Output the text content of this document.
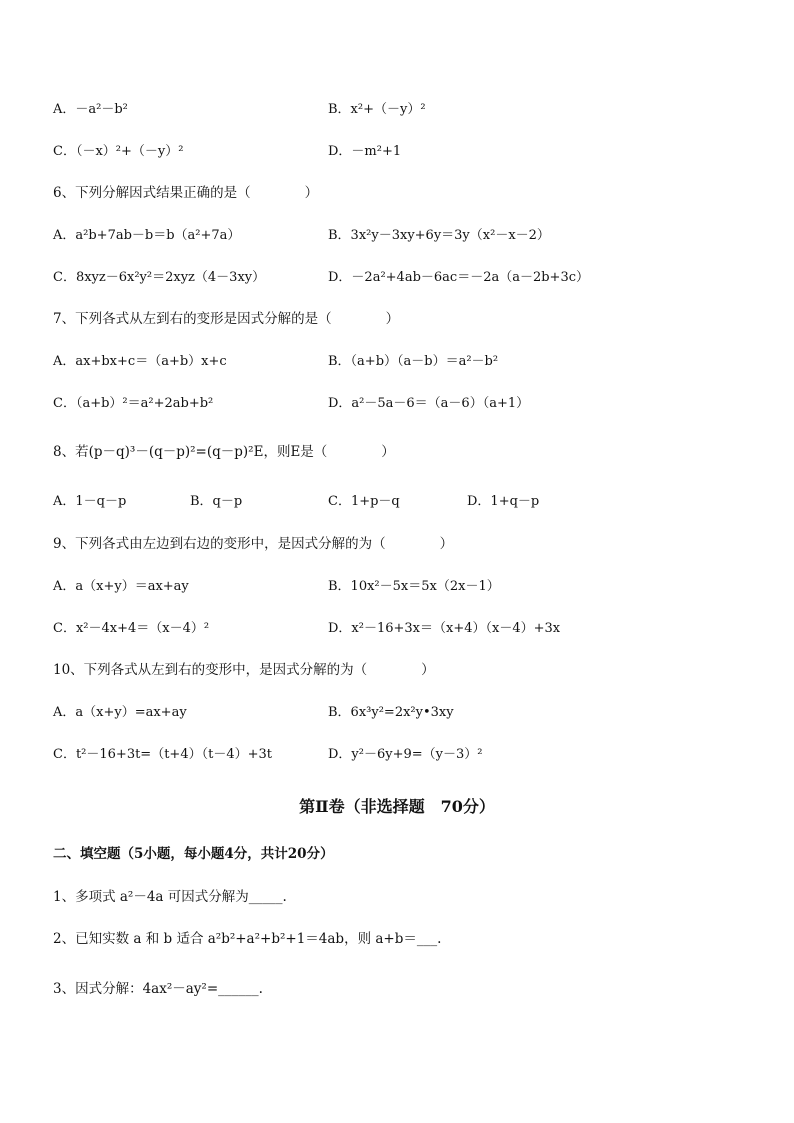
A．－a²－b²	B．x²+（－y）²
C．（－x）²+（－y）²	D．－m²+1
6、下列分解因式结果正确的是（　　　　）
A．a²b+7ab－b＝b（a²+7a）	B．3x²y－3xy+6y＝3y（x²－x－2）
C．8xyz－6x²y²＝2xyz（4－3xy）	D．－2a²+4ab－6ac＝－2a（a－2b+3c）
7、下列各式从左到右的变形是因式分解的是（　　　　）
A．ax+bx+c＝（a+b）x+c	B．（a+b）（a－b）＝a²－b²
C．（a+b）²＝a²+2ab+b²	D．a²－5a－6＝（a－6）（a+1）
8、若(p－q)³－(q－p)²=(q－p)²E，则E是（　　　　）
A．1－q－p	B．q－p	C．1+p－q	D．1+q－p
9、下列各式由左边到右边的变形中，是因式分解的为（　　　　）
A．a（x+y）＝ax+ay	B．10x²－5x＝5x（2x－1）
C．x²－4x+4＝（x－4）²	D．x²－16+3x＝（x+4）（x－4）+3x
10、下列各式从左到右的变形中，是因式分解的为（　　　　）
A．a（x+y）=ax+ay	B．6x³y²=2x²y•3xy
C．t²－16+3t=（t+4）（t－4）+3t	D．y²－6y+9=（y－3）²
第Ⅱ卷（非选择题　70分）
二、填空题（5小题，每小题4分，共计20分）
1、多项式 a²－4a 可因式分解为_____.
2、已知实数 a 和 b 适合 a²b²+a²+b²+1＝4ab，则 a+b＝___.
3、因式分解：4ax²－ay²=______.
